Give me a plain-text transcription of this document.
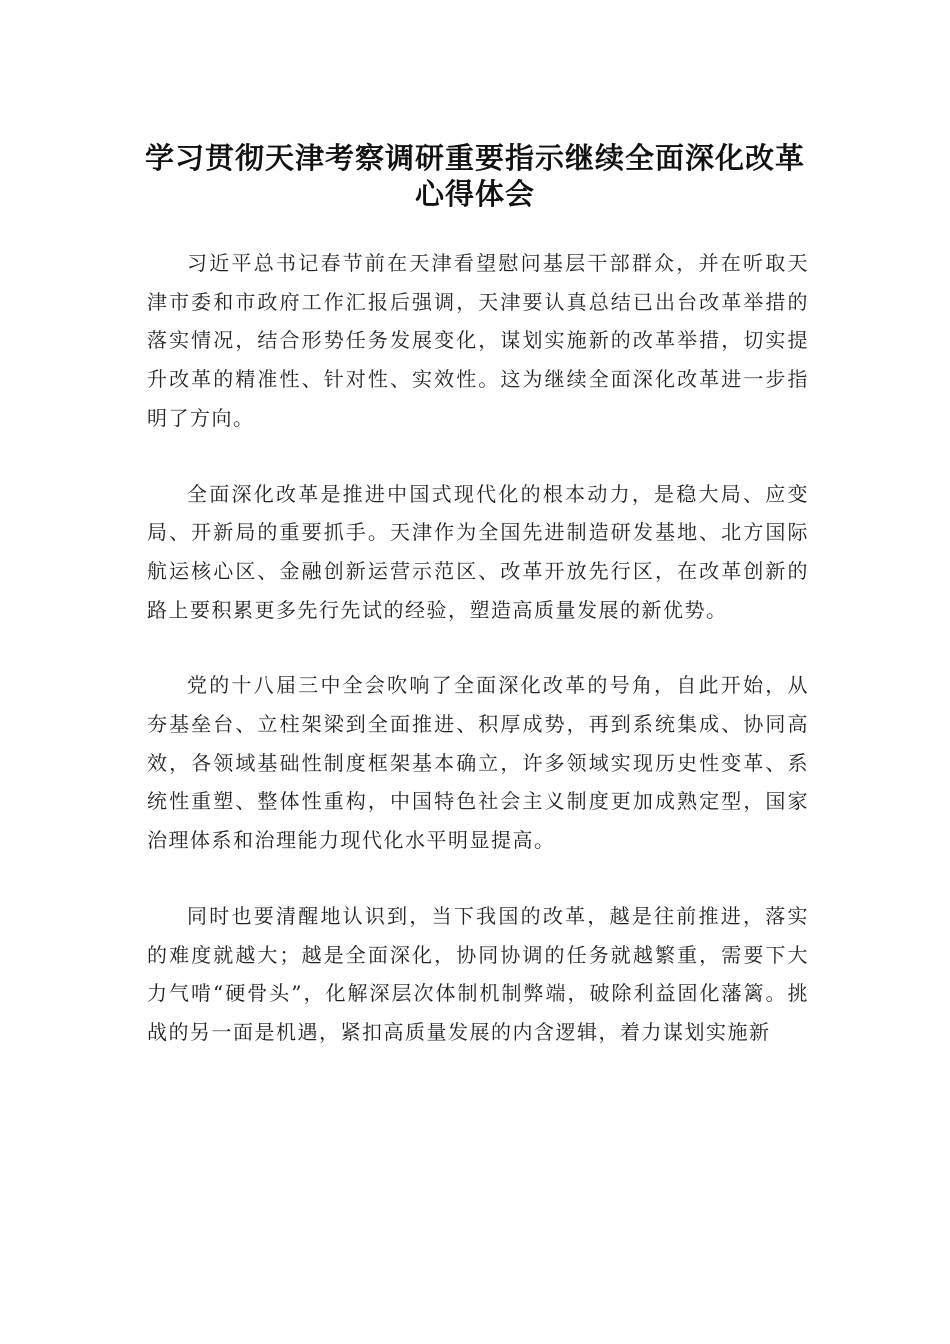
学习贯彻天津考察调研重要指示继续全面深化改革
心得体会

习近平总书记春节前在天津看望慰问基层干部群众，并在听取天津市委和市政府工作汇报后强调，天津要认真总结已出台改革举措的落实情况，结合形势任务发展变化，谋划实施新的改革举措，切实提升改革的精准性、针对性、实效性。这为继续全面深化改革进一步指明了方向。

全面深化改革是推进中国式现代化的根本动力，是稳大局、应变局、开新局的重要抓手。天津作为全国先进制造研发基地、北方国际航运核心区、金融创新运营示范区、改革开放先行区，在改革创新的路上要积累更多先行先试的经验，塑造高质量发展的新优势。

党的十八届三中全会吹响了全面深化改革的号角，自此开始，从夯基垒台、立柱架梁到全面推进、积厚成势，再到系统集成、协同高效，各领域基础性制度框架基本确立，许多领域实现历史性变革、系统性重塑、整体性重构，中国特色社会主义制度更加成熟定型，国家治理体系和治理能力现代化水平明显提高。

同时也要清醒地认识到，当下我国的改革，越是往前推进，落实的难度就越大；越是全面深化，协同协调的任务就越繁重，需要下大力气啃“硬骨头”，化解深层次体制机制弊端，破除利益固化藩篱。挑战的另一面是机遇，紧扣高质量发展的内含逻辑，着力谋划实施新
